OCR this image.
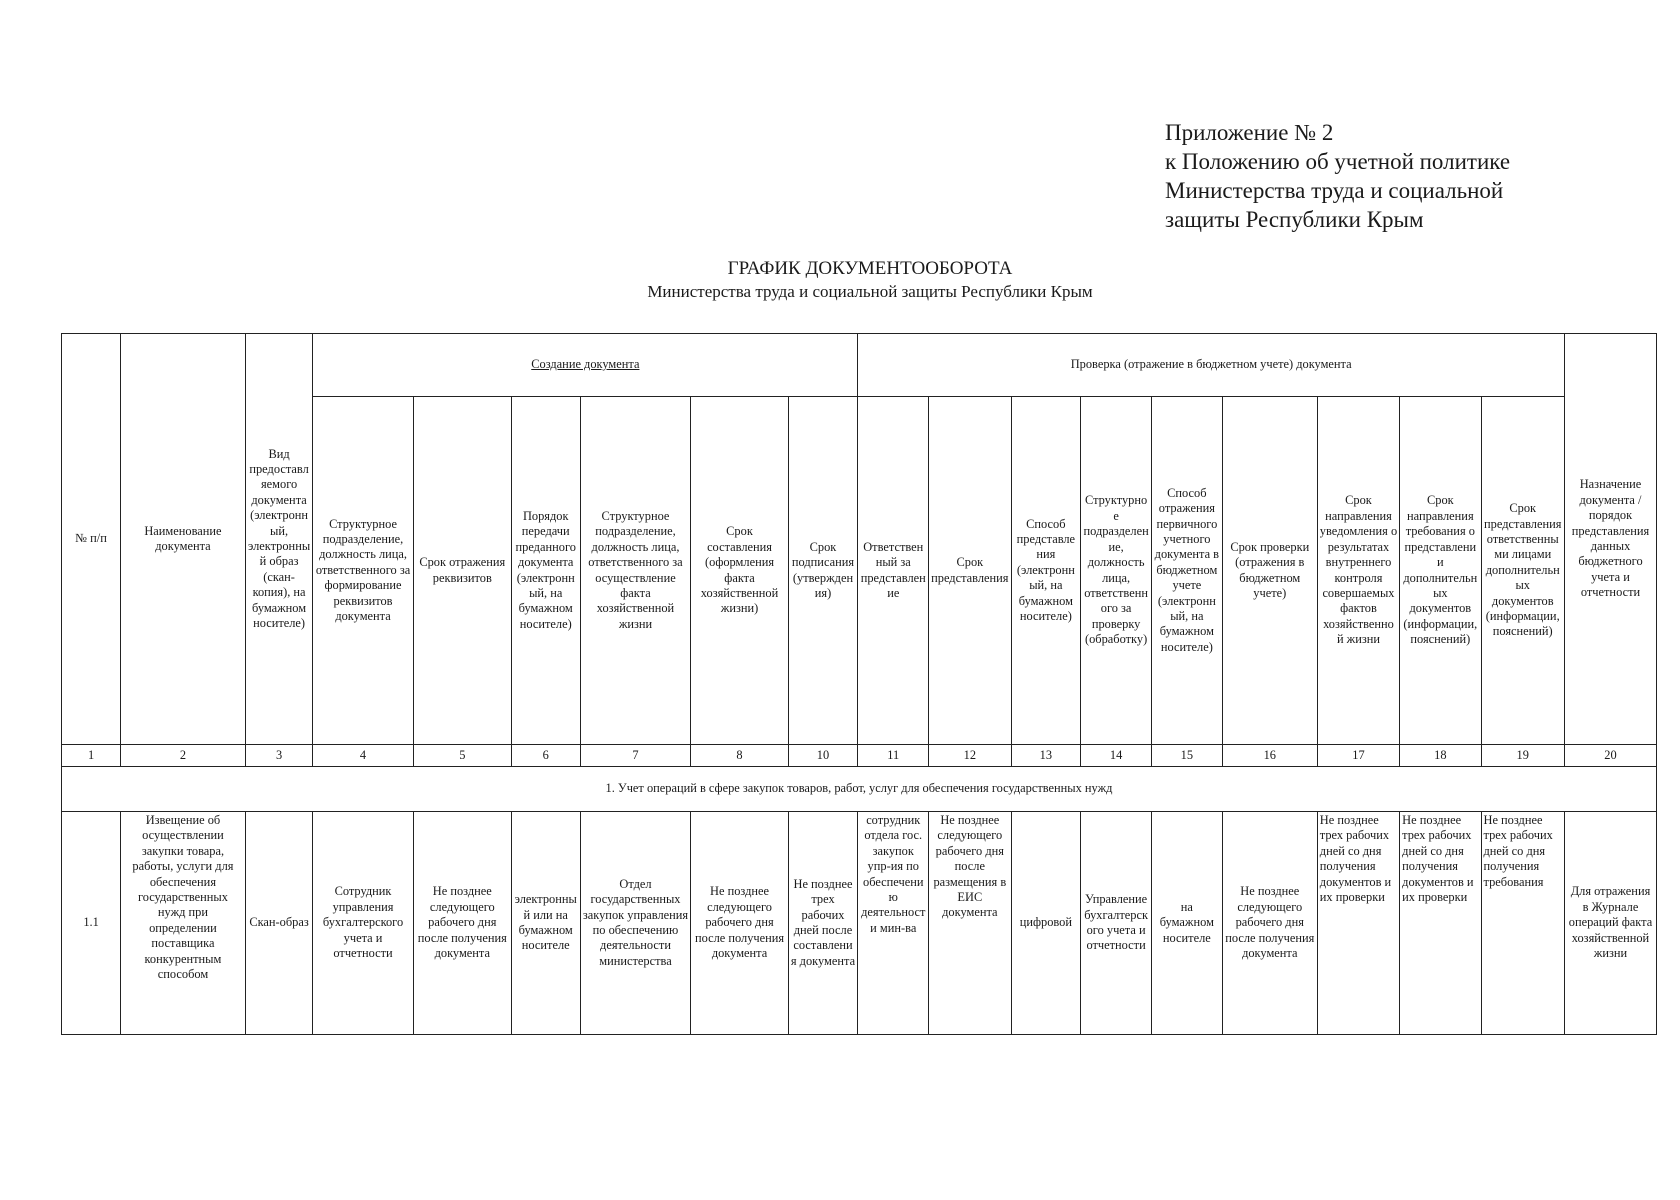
Приложение № 2
к Положению об учетной политике
Министерства труда и социальной
защиты Республики Крым
ГРАФИК ДОКУМЕНТООБОРОТА
Министерства труда и социальной защиты Республики Крым
№ п/п	Наименование документа	Вид предоставляемого документа (электронный, электронный образ (скан-копия), на бумажном носителе)	Создание документа						Проверка (отражение в бюджетном учете) документа									Назначение документа / порядок представления данных бюджетного учета и отчетности
			Структурное подразделение, должность лица, ответственного за формирование реквизитов документа	Срок отражения реквизитов	Порядок передачи преданного документа (электронный, на бумажном носителе)	Структурное подразделение, должность лица, ответственного за осуществление факта хозяйственной жизни	Срок составления (оформления факта хозяйственной жизни)	Срок подписания (утверждения)	Ответственный за представление	Срок представления	Способ представления (электронный, на бумажном носителе)	Структурное подразделение, должность лица, ответственного за проверку (обработку)	Способ отражения первичного учетного документа в бюджетном учете (электронный, на бумажном носителе)	Срок проверки (отражения в бюджетном учете)	Срок направления уведомления о результатах внутреннего контроля совершаемых фактов хозяйственной жизни	Срок направления требования о представлении дополнительных документов (информации, пояснений)	Срок представления ответственными лицами дополнительных документов (информации, пояснений)	
1	2	3	4	5	6	7	8	10	11	12	13	14	15	16	17	18	19	20
1. Учет операций в сфере закупок товаров, работ, услуг для обеспечения государственных нужд																		
1.1	Извещение об осуществлении закупки товара, работы, услуги для обеспечения государственных нужд при определении поставщика конкурентным способом	Скан-образ	Сотрудник управления бухгалтерского учета и отчетности	Не позднее следующего рабочего дня после получения документа	электронный или на бумажном носителе	Отдел государственных закупок управления по обеспечению деятельности министерства	Не позднее следующего рабочего дня после получения документа	Не позднее трех рабочих дней после составления документа	сотрудник отдела гос. закупок упр-ия по обеспечению деятельности мин-ва	Не позднее следующего рабочего дня после размещения в ЕИС документа	цифровой	Управление бухгалтерского учета и отчетности	на бумажном носителе	Не позднее следующего рабочего дня после получения документа	Не позднее трех рабочих дней со дня получения документов и их проверки	Не позднее трех рабочих дней со дня получения документов и их проверки	Не позднее трех рабочих дней со дня получения требования	Для отражения в Журнале операций факта хозяйственной жизни
